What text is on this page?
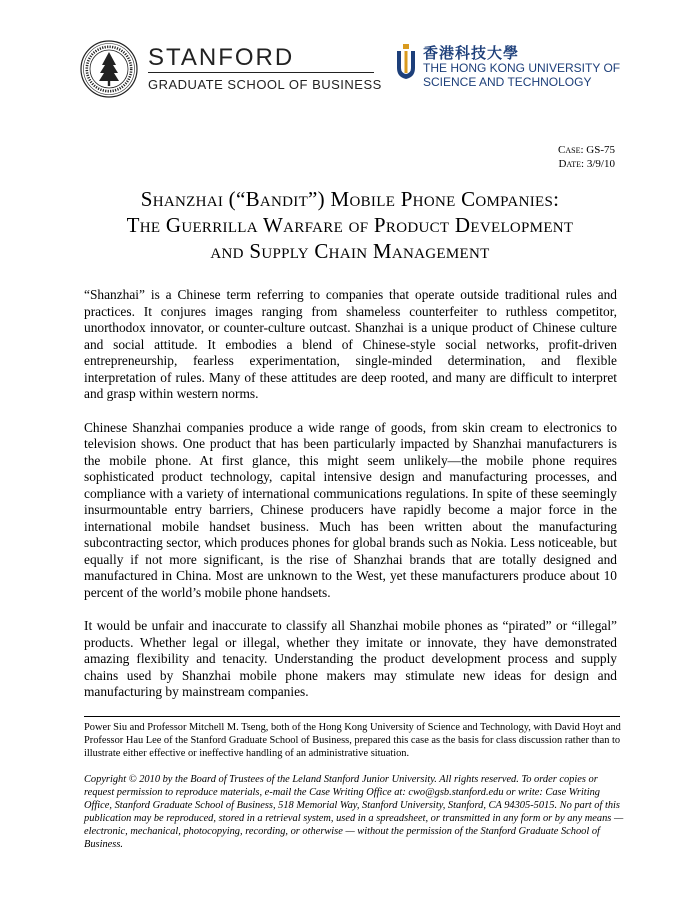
STANFORD
GRADUATE SCHOOL OF BUSINESS
香港科技大學
THE HONG KONG UNIVERSITY OF
SCIENCE AND TECHNOLOGY
Case: GS-75
Date: 3/9/10
Shanzhai (“Bandit”) Mobile Phone Companies:
The Guerrilla Warfare of Product Development
and Supply Chain Management

“Shanzhai” is a Chinese term referring to companies that operate outside traditional rules and practices. It conjures images ranging from shameless counterfeiter to ruthless competitor, unorthodox innovator, or counter-culture outcast. Shanzhai is a unique product of Chinese culture and social attitude. It embodies a blend of Chinese-style social networks, profit-driven entrepreneurship, fearless experimentation, single-minded determination, and flexible interpretation of rules. Many of these attitudes are deep rooted, and many are difficult to interpret and grasp within western norms.

Chinese Shanzhai companies produce a wide range of goods, from skin cream to electronics to television shows. One product that has been particularly impacted by Shanzhai manufacturers is the mobile phone. At first glance, this might seem unlikely—the mobile phone requires sophisticated product technology, capital intensive design and manufacturing processes, and compliance with a variety of international communications regulations. In spite of these seemingly insurmountable entry barriers, Chinese producers have rapidly become a major force in the international mobile handset business. Much has been written about the manufacturing subcontracting sector, which produces phones for global brands such as Nokia. Less noticeable, but equally if not more significant, is the rise of Shanzhai brands that are totally designed and manufactured in China. Most are unknown to the West, yet these manufacturers produce about 10 percent of the world’s mobile phone handsets.

It would be unfair and inaccurate to classify all Shanzhai mobile phones as “pirated” or “illegal” products. Whether legal or illegal, whether they imitate or innovate, they have demonstrated amazing flexibility and tenacity. Understanding the product development process and supply chains used by Shanzhai mobile phone makers may stimulate new ideas for design and manufacturing by mainstream companies.

Power Siu and Professor Mitchell M. Tseng, both of the Hong Kong University of Science and Technology, with David Hoyt and Professor Hau Lee of the Stanford Graduate School of Business, prepared this case as the basis for class discussion rather than to illustrate either effective or ineffective handling of an administrative situation.
Copyright © 2010 by the Board of Trustees of the Leland Stanford Junior University. All rights reserved. To order copies or request permission to reproduce materials, e-mail the Case Writing Office at: cwo@gsb.stanford.edu or write: Case Writing Office, Stanford Graduate School of Business, 518 Memorial Way, Stanford University, Stanford, CA 94305-5015. No part of this publication may be reproduced, stored in a retrieval system, used in a spreadsheet, or transmitted in any form or by any means — electronic, mechanical, photocopying, recording, or otherwise — without the permission of the Stanford Graduate School of Business.
